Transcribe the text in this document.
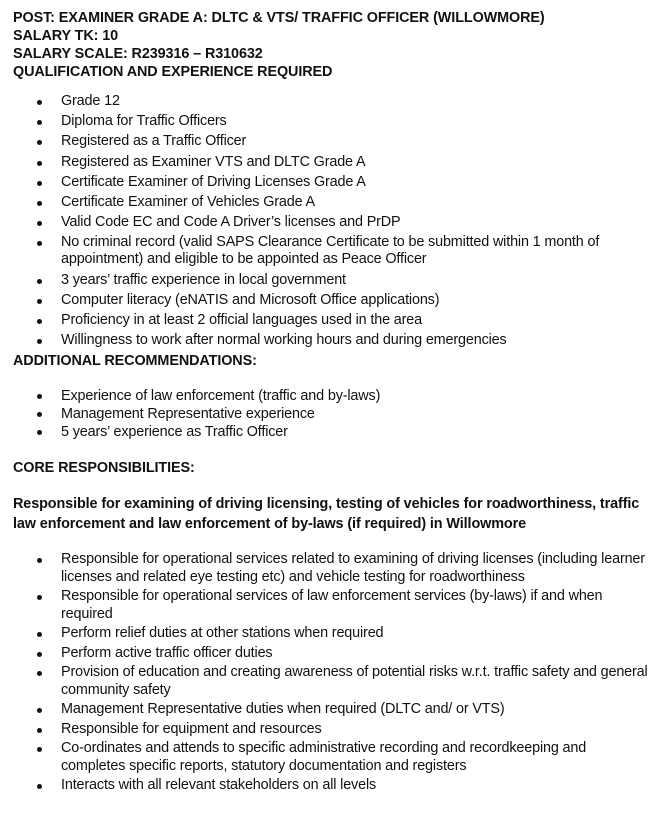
POST: EXAMINER GRADE A: DLTC & VTS/ TRAFFIC OFFICER (WILLOWMORE)

SALARY TK: 10

SALARY SCALE: R239316 – R310632

QUALIFICATION AND EXPERIENCE REQUIRED

Grade 12
Diploma for Traffic Officers
Registered as a Traffic Officer
Registered as Examiner VTS and DLTC Grade A
Certificate Examiner of Driving Licenses Grade A
Certificate Examiner of Vehicles Grade A
Valid Code EC and Code A Driver’s licenses and PrDP
No criminal record (valid SAPS Clearance Certificate to be submitted within 1 month of appointment) and eligible to be appointed as Peace Officer
3 years’ traffic experience in local government
Computer literacy (eNATIS and Microsoft Office applications)
Proficiency in at least 2 official languages used in the area
Willingness to work after normal working hours and during emergencies

ADDITIONAL RECOMMENDATIONS:

Experience of law enforcement (traffic and by-laws)
Management Representative experience
5 years’ experience as Traffic Officer

CORE RESPONSIBILITIES:

Responsible for examining of driving licensing, testing of vehicles for roadworthiness, traffic law enforcement and law enforcement of by-laws (if required) in Willowmore

Responsible for operational services related to examining of driving licenses (including learner licenses and related eye testing etc) and vehicle testing for roadworthiness
Responsible for operational services of law enforcement services (by-laws) if and when required
Perform relief duties at other stations when required
Perform active traffic officer duties
Provision of education and creating awareness of potential risks w.r.t. traffic safety and general community safety
Management Representative duties when required (DLTC and/ or VTS)
Responsible for equipment and resources
Co-ordinates and attends to specific administrative recording and recordkeeping and completes specific reports, statutory documentation and registers
Interacts with all relevant stakeholders on all levels
